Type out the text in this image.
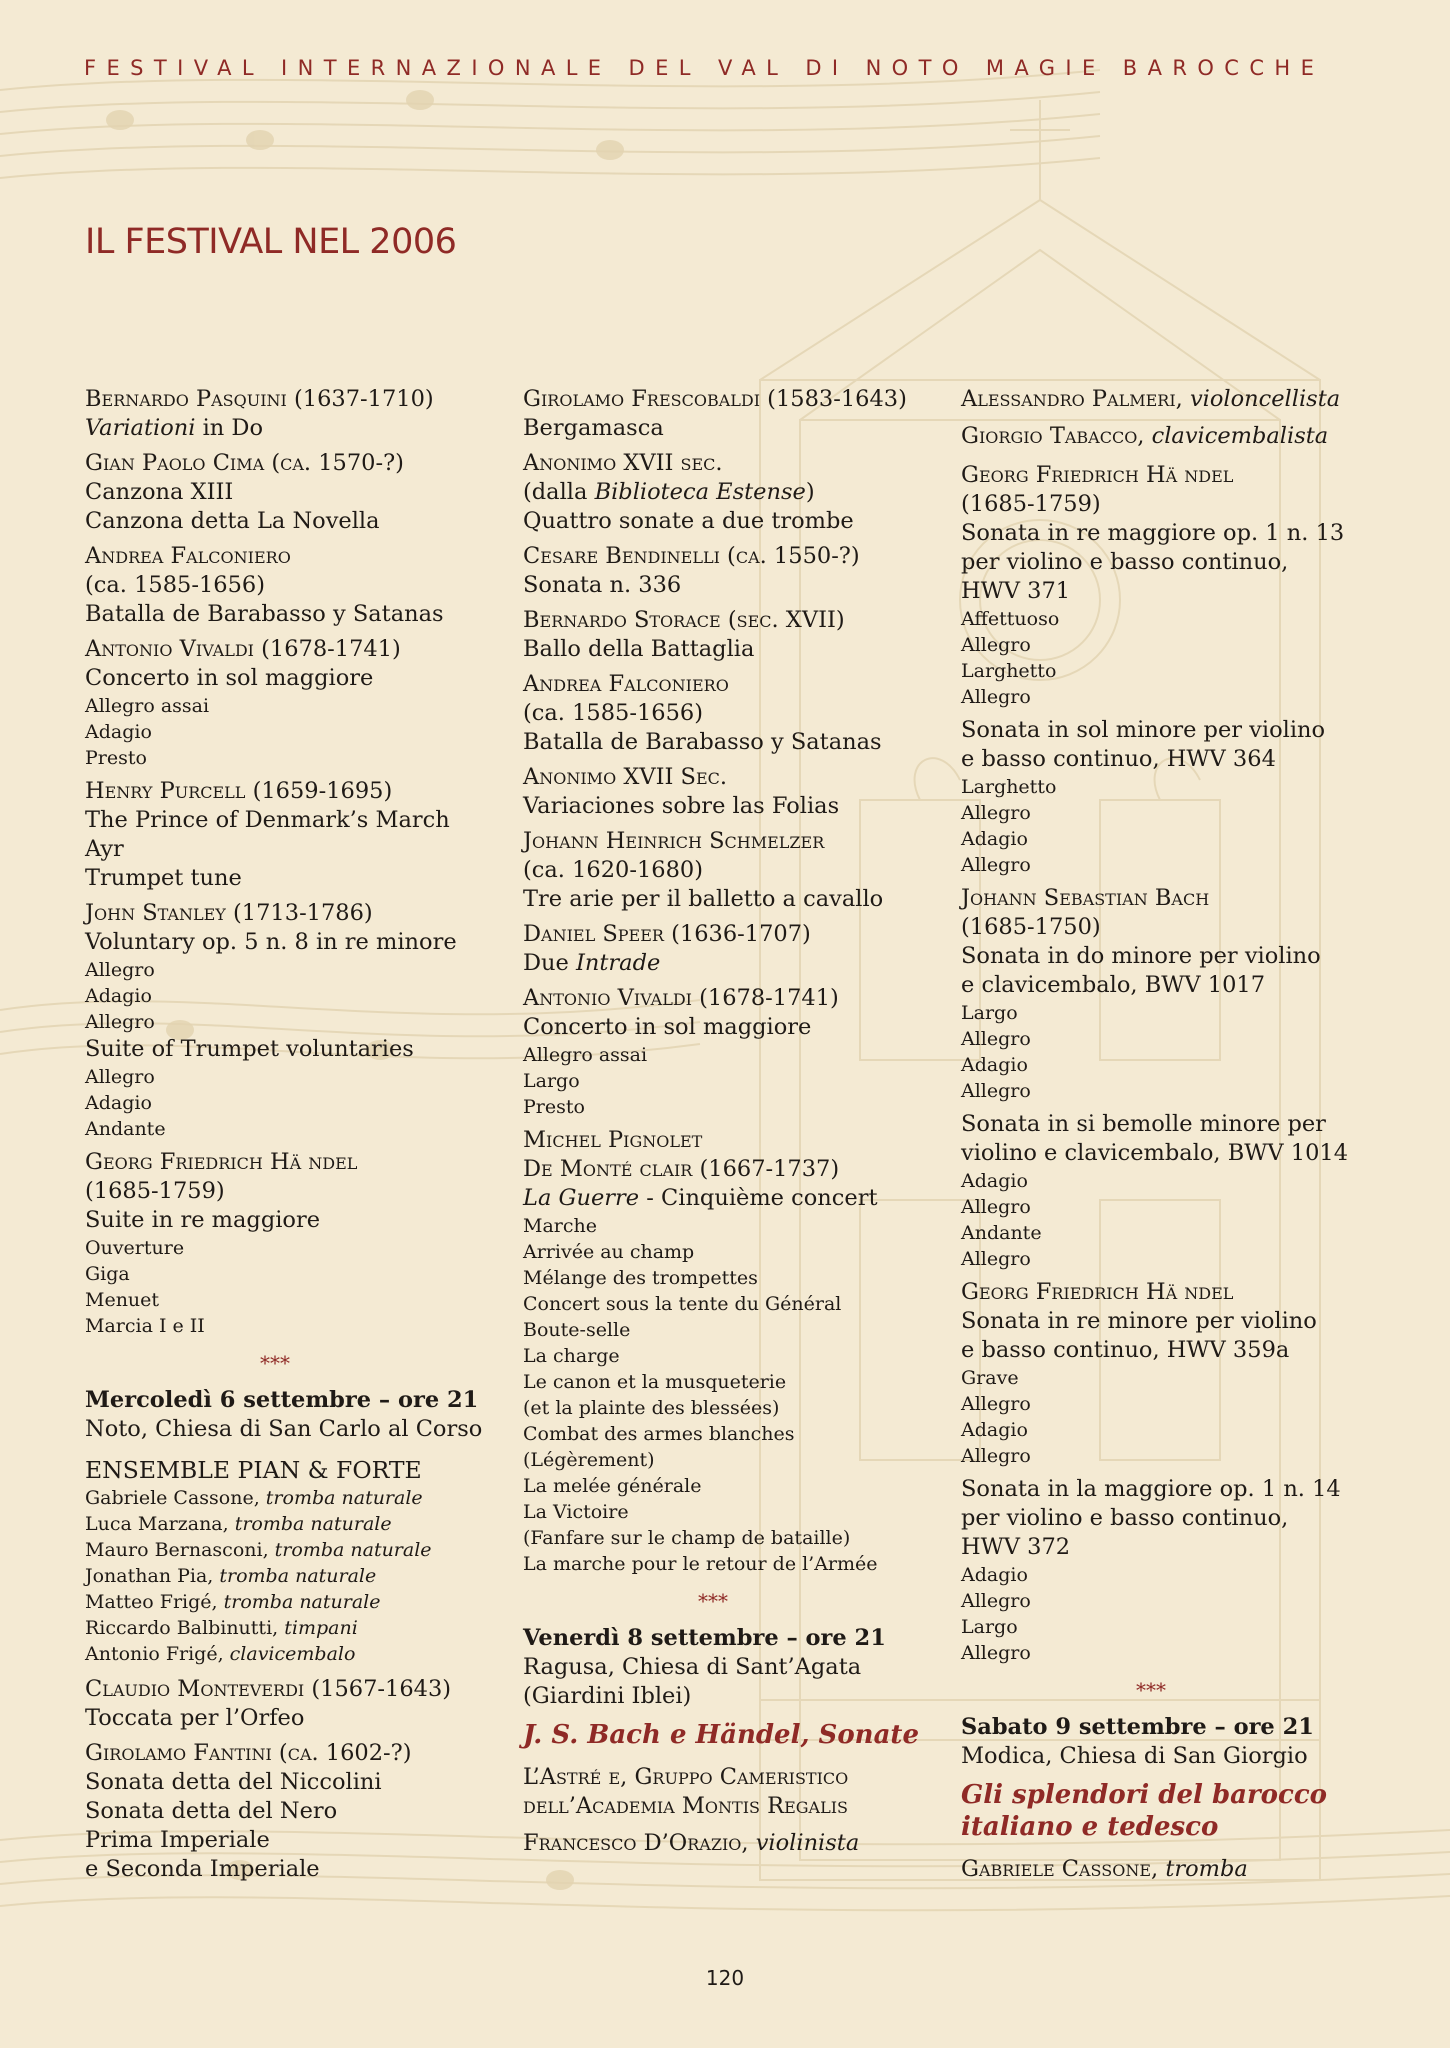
FESTIVAL INTERNAZIONALE DEL VAL DI NOTO MAGIE BAROCCHE
IL FESTIVAL NEL 2006
Bernardo Pasquini (1637-1710)
Variationi in Do
Gian Paolo Cima (ca. 1570-?)
Canzona XIII
Canzona detta La Novella
Andrea Falconiero
(ca. 1585-1656)
Batalla de Barabasso y Satanas
Antonio Vivaldi (1678-1741)
Concerto in sol maggiore
Allegro assai
Adagio
Presto
Henry Purcell (1659-1695)
The Prince of Denmark’s March
Ayr
Trumpet tune
John Stanley (1713-1786)
Voluntary op. 5 n. 8 in re minore
Allegro
Adagio
Allegro
Suite of Trumpet voluntaries
Allegro
Adagio
Andante
Georg Friedrich Hä ndel
(1685-1759)
Suite in re maggiore
Ouverture
Giga
Menuet
Marcia I e II
***
Mercoledì 6 settembre – ore 21
Noto, Chiesa di San Carlo al Corso
ENSEMBLE PIAN & FORTE
Gabriele Cassone, tromba naturale
Luca Marzana, tromba naturale
Mauro Bernasconi, tromba naturale
Jonathan Pia, tromba naturale
Matteo Frigé, tromba naturale
Riccardo Balbinutti, timpani
Antonio Frigé, clavicembalo
Claudio Monteverdi (1567-1643)
Toccata per l’Orfeo
Girolamo Fantini (ca. 1602-?)
Sonata detta del Niccolini
Sonata detta del Nero
Prima Imperiale
e Seconda Imperiale
Girolamo Frescobaldi (1583-1643)
Bergamasca
Anonimo XVII sec.
(dalla Biblioteca Estense)
Quattro sonate a due trombe
Cesare Bendinelli (ca. 1550-?)
Sonata n. 336
Bernardo Storace (sec. XVII)
Ballo della Battaglia
Andrea Falconiero
(ca. 1585-1656)
Batalla de Barabasso y Satanas
Anonimo XVII Sec.
Variaciones sobre las Folias
Johann Heinrich Schmelzer
(ca. 1620-1680)
Tre arie per il balletto a cavallo
Daniel Speer (1636-1707)
Due Intrade
Antonio Vivaldi (1678-1741)
Concerto in sol maggiore
Allegro assai
Largo
Presto
Michel Pignolet
De Monté clair (1667-1737)
La Guerre - Cinquième concert
Marche
Arrivée au champ
Mélange des trompettes
Concert sous la tente du Général
Boute-selle
La charge
Le canon et la musqueterie
(et la plainte des blessées)
Combat des armes blanches
(Légèrement)
La melée générale
La Victoire
(Fanfare sur le champ de bataille)
La marche pour le retour de l’Armée
***
Venerdì 8 settembre – ore 21
Ragusa, Chiesa di Sant’Agata
(Giardini Iblei)
J. S. Bach e Händel, Sonate
L’Astré e, Gruppo Cameristico
dell’Academia Montis Regalis
Francesco D’Orazio, violinista
Alessandro Palmeri, violoncellista
Giorgio Tabacco, clavicembalista
Georg Friedrich Hä ndel
(1685-1759)
Sonata in re maggiore op. 1 n. 13
per violino e basso continuo,
HWV 371
Affettuoso
Allegro
Larghetto
Allegro
Sonata in sol minore per violino
e basso continuo, HWV 364
Larghetto
Allegro
Adagio
Allegro
Johann Sebastian Bach
(1685-1750)
Sonata in do minore per violino
e clavicembalo, BWV 1017
Largo
Allegro
Adagio
Allegro
Sonata in si bemolle minore per
violino e clavicembalo, BWV 1014
Adagio
Allegro
Andante
Allegro
Georg Friedrich Hä ndel
Sonata in re minore per violino
e basso continuo, HWV 359a
Grave
Allegro
Adagio
Allegro
Sonata in la maggiore op. 1 n. 14
per violino e basso continuo,
HWV 372
Adagio
Allegro
Largo
Allegro
***
Sabato 9 settembre – ore 21
Modica, Chiesa di San Giorgio
Gli splendori del barocco
italiano e tedesco
Gabriele Cassone, tromba
120
